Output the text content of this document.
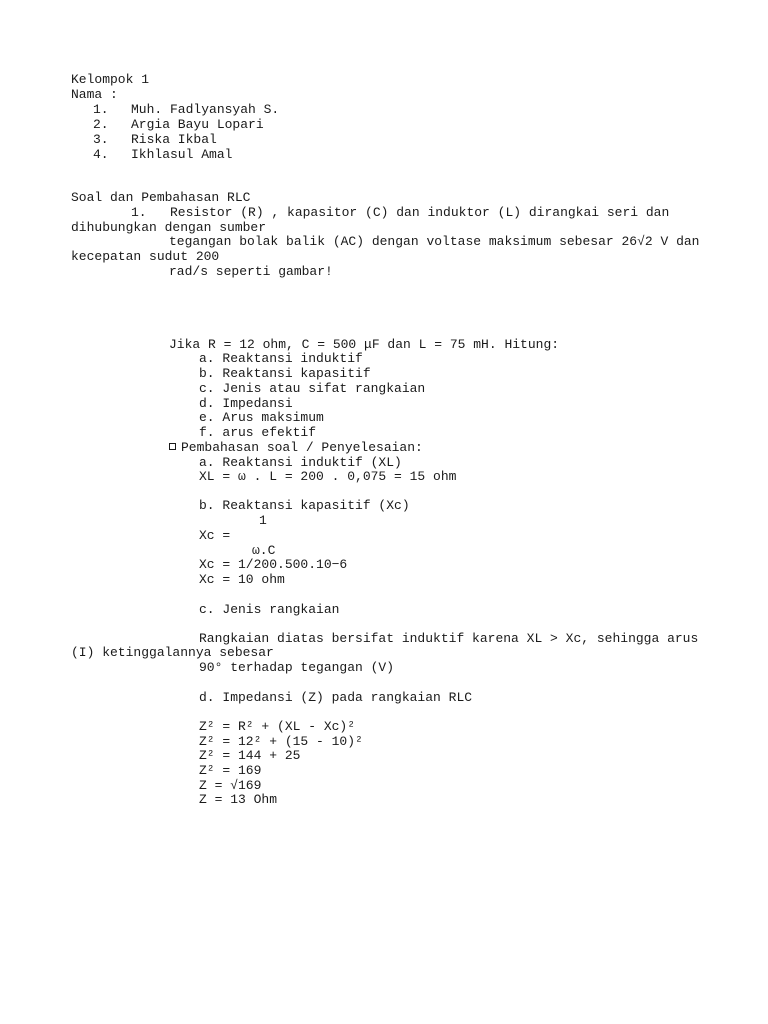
Kelompok 1
Nama :
1. Muh. Fadlyansyah S.
2. Argia Bayu Lopari
3. Riska Ikbal
4. Ikhlasul Amal
Soal dan Pembahasan RLC
1.   Resistor (R) , kapasitor (C) dan induktor (L) dirangkai seri dan
dihubungkan dengan sumber
tegangan bolak balik (AC) dengan voltase maksimum sebesar 26√2 V dan
kecepatan sudut 200
rad/s seperti gambar!
Jika R = 12 ohm, C = 500 μF dan L = 75 mH. Hitung:
a. Reaktansi induktif
b. Reaktansi kapasitif
c. Jenis atau sifat rangkaian
d. Impedansi
e. Arus maksimum
f. arus efektif
Pembahasan soal / Penyelesaian:
a. Reaktansi induktif (XL)
XL = ω . L = 200 . 0,075 = 15 ohm
b. Reaktansi kapasitif (Xc)
1
Xc =
ω.C
Xc = 1/200.500.10−6
Xc = 10 ohm
c. Jenis rangkaian
Rangkaian diatas bersifat induktif karena XL > Xc, sehingga arus
(I) ketinggalannya sebesar
90° terhadap tegangan (V)
d. Impedansi (Z) pada rangkaian RLC
Z² = R² + (XL - Xc)²
Z² = 12² + (15 - 10)²
Z² = 144 + 25
Z² = 169
Z = √169
Z = 13 Ohm
